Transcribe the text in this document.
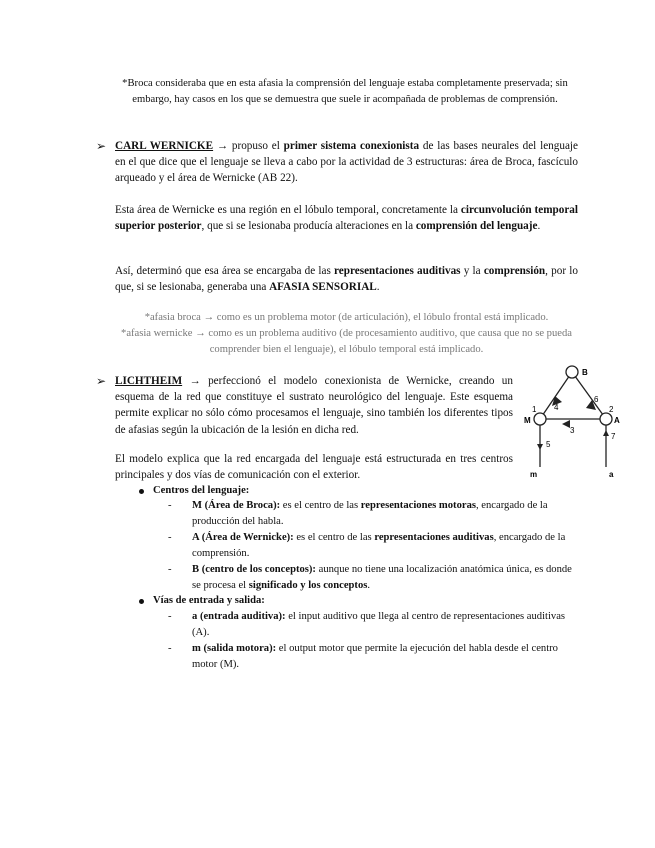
*Broca consideraba que en esta afasia la comprensión del lenguaje estaba completamente preservada; sin embargo, hay casos en los que se demuestra que suele ir acompañada de problemas de comprensión.
➢ CARL WERNICKE → propuso el primer sistema conexionista de las bases neurales del lenguaje en el que dice que el lenguaje se lleva a cabo por la actividad de 3 estructuras: área de Broca, fascículo arqueado y el área de Wernicke (AB 22).
Esta área de Wernicke es una región en el lóbulo temporal, concretamente la circunvolución temporal superior posterior, que si se lesionaba producía alteraciones en la comprensión del lenguaje.
Así, determinó que esa área se encargaba de las representaciones auditivas y la comprensión, por lo que, si se lesionaba, generaba una AFASIA SENSORIAL.
*afasia broca → como es un problema motor (de articulación), el lóbulo frontal está implicado.
*afasia wernicke → como es un problema auditivo (de procesamiento auditivo, que causa que no se pueda comprender bien el lenguaje), el lóbulo temporal está implicado.
➢ LICHTHEIM → perfeccionó el modelo conexionista de Wernicke, creando un esquema de la red que constituye el sustrato neurológico del lenguaje. Este esquema permite explicar no sólo cómo procesamos el lenguaje, sino también los diferentes tipos de afasias según la ubicación de la lesión en dicha red.
El modelo explica que la red encargada del lenguaje está estructurada en tres centros principales y dos vías de comunicación con el exterior.
Centros del lenguaje:
- M (Área de Broca): es el centro de las representaciones motoras, encargado de la producción del habla.
- A (Área de Wernicke): es el centro de las representaciones auditivas, encargado de la comprensión.
- B (centro de los conceptos): aunque no tiene una localización anatómica única, es donde se procesa el significado y los conceptos.
Vías de entrada y salida:
- a (entrada auditiva): el input auditivo que llega al centro de representaciones auditivas (A).
- m (salida motora): el output motor que permite la ejecución del habla desde el centro motor (M).
B
M	A
m	a
1	2
3
4
5
6
7
